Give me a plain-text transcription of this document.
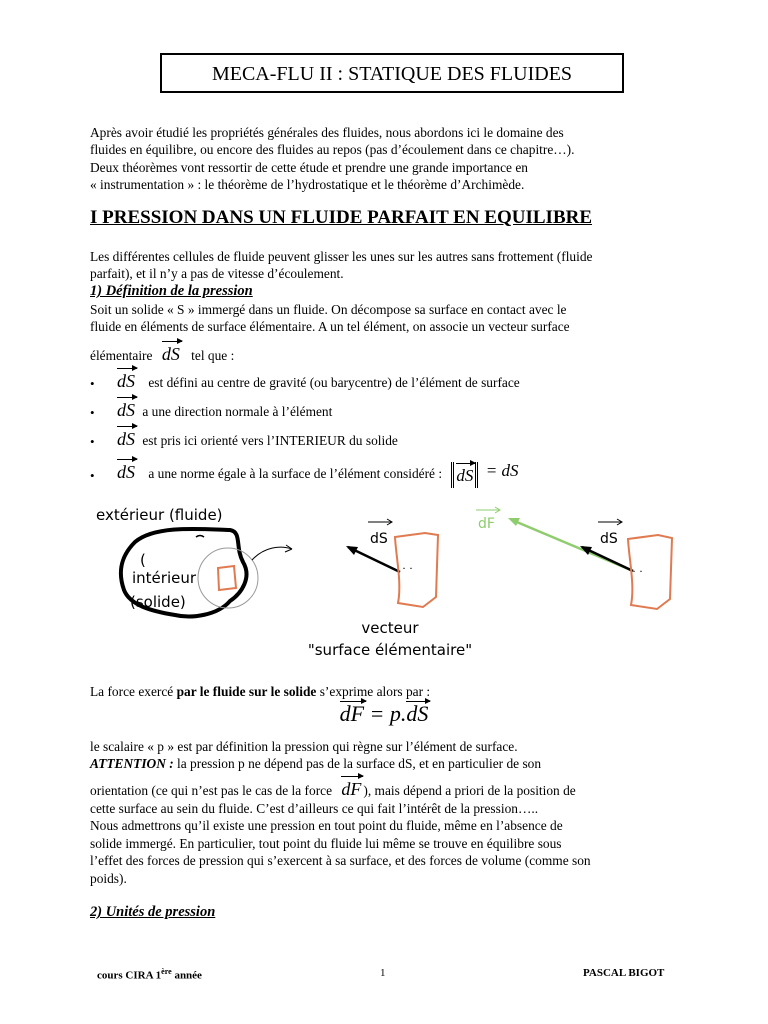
MECA-FLU II : STATIQUE DES FLUIDES
Après avoir étudié les propriétés générales des fluides, nous abordons ici le domaine des
fluides en équilibre, ou encore des fluides au repos (pas d’écoulement dans ce chapitre…).
Deux théorèmes vont ressortir de cette étude et prendre une grande importance en
« instrumentation » : le théorème de l’hydrostatique et le théorème d’Archimède.
I PRESSION DANS UN FLUIDE PARFAIT EN EQUILIBRE
Les différentes cellules de fluide peuvent glisser les unes sur les autres sans frottement (fluide
parfait), et il n’y a pas de vitesse d’écoulement.
1) Définition de la pression
Soit un solide « S » immergé dans un fluide. On décompose sa surface en contact avec le
fluide en éléments de surface élémentaire. A un tel élément, on associe un vecteur surface
élémentaire dS tel que :
• dS est défini au centre de gravité (ou barycentre) de l’élément de surface
• dS a une direction normale à l’élément
• dS est pris ici orienté vers l’INTERIEUR du solide
• dS a une norme égale à la surface de l’élément considéré : dS = dS
extérieur (fluide)
(
intérieur
(solide)
dS
· ·
dF
dS
· ·
vecteur
"surface élémentaire"
La force exercé par le fluide sur le solide s’exprime alors par :
dF = p.dS
le scalaire « p » est par définition la pression qui règne sur l’élément de surface.
ATTENTION : la pression p ne dépend pas de la surface dS, et en particulier de son
orientation (ce qui n’est pas le cas de la force dF ), mais dépend a priori de la position de
cette surface au sein du fluide. C’est d’ailleurs ce qui fait l’intérêt de la pression…..
Nous admettrons qu’il existe une pression en tout point du fluide, même en l’absence de
solide immergé. En particulier, tout point du fluide lui même se trouve en équilibre sous
l’effet des forces de pression qui s’exercent à sa surface, et des forces de volume (comme son
poids).
2) Unités de pression
cours CIRA 1ère année	1	PASCAL BIGOT
